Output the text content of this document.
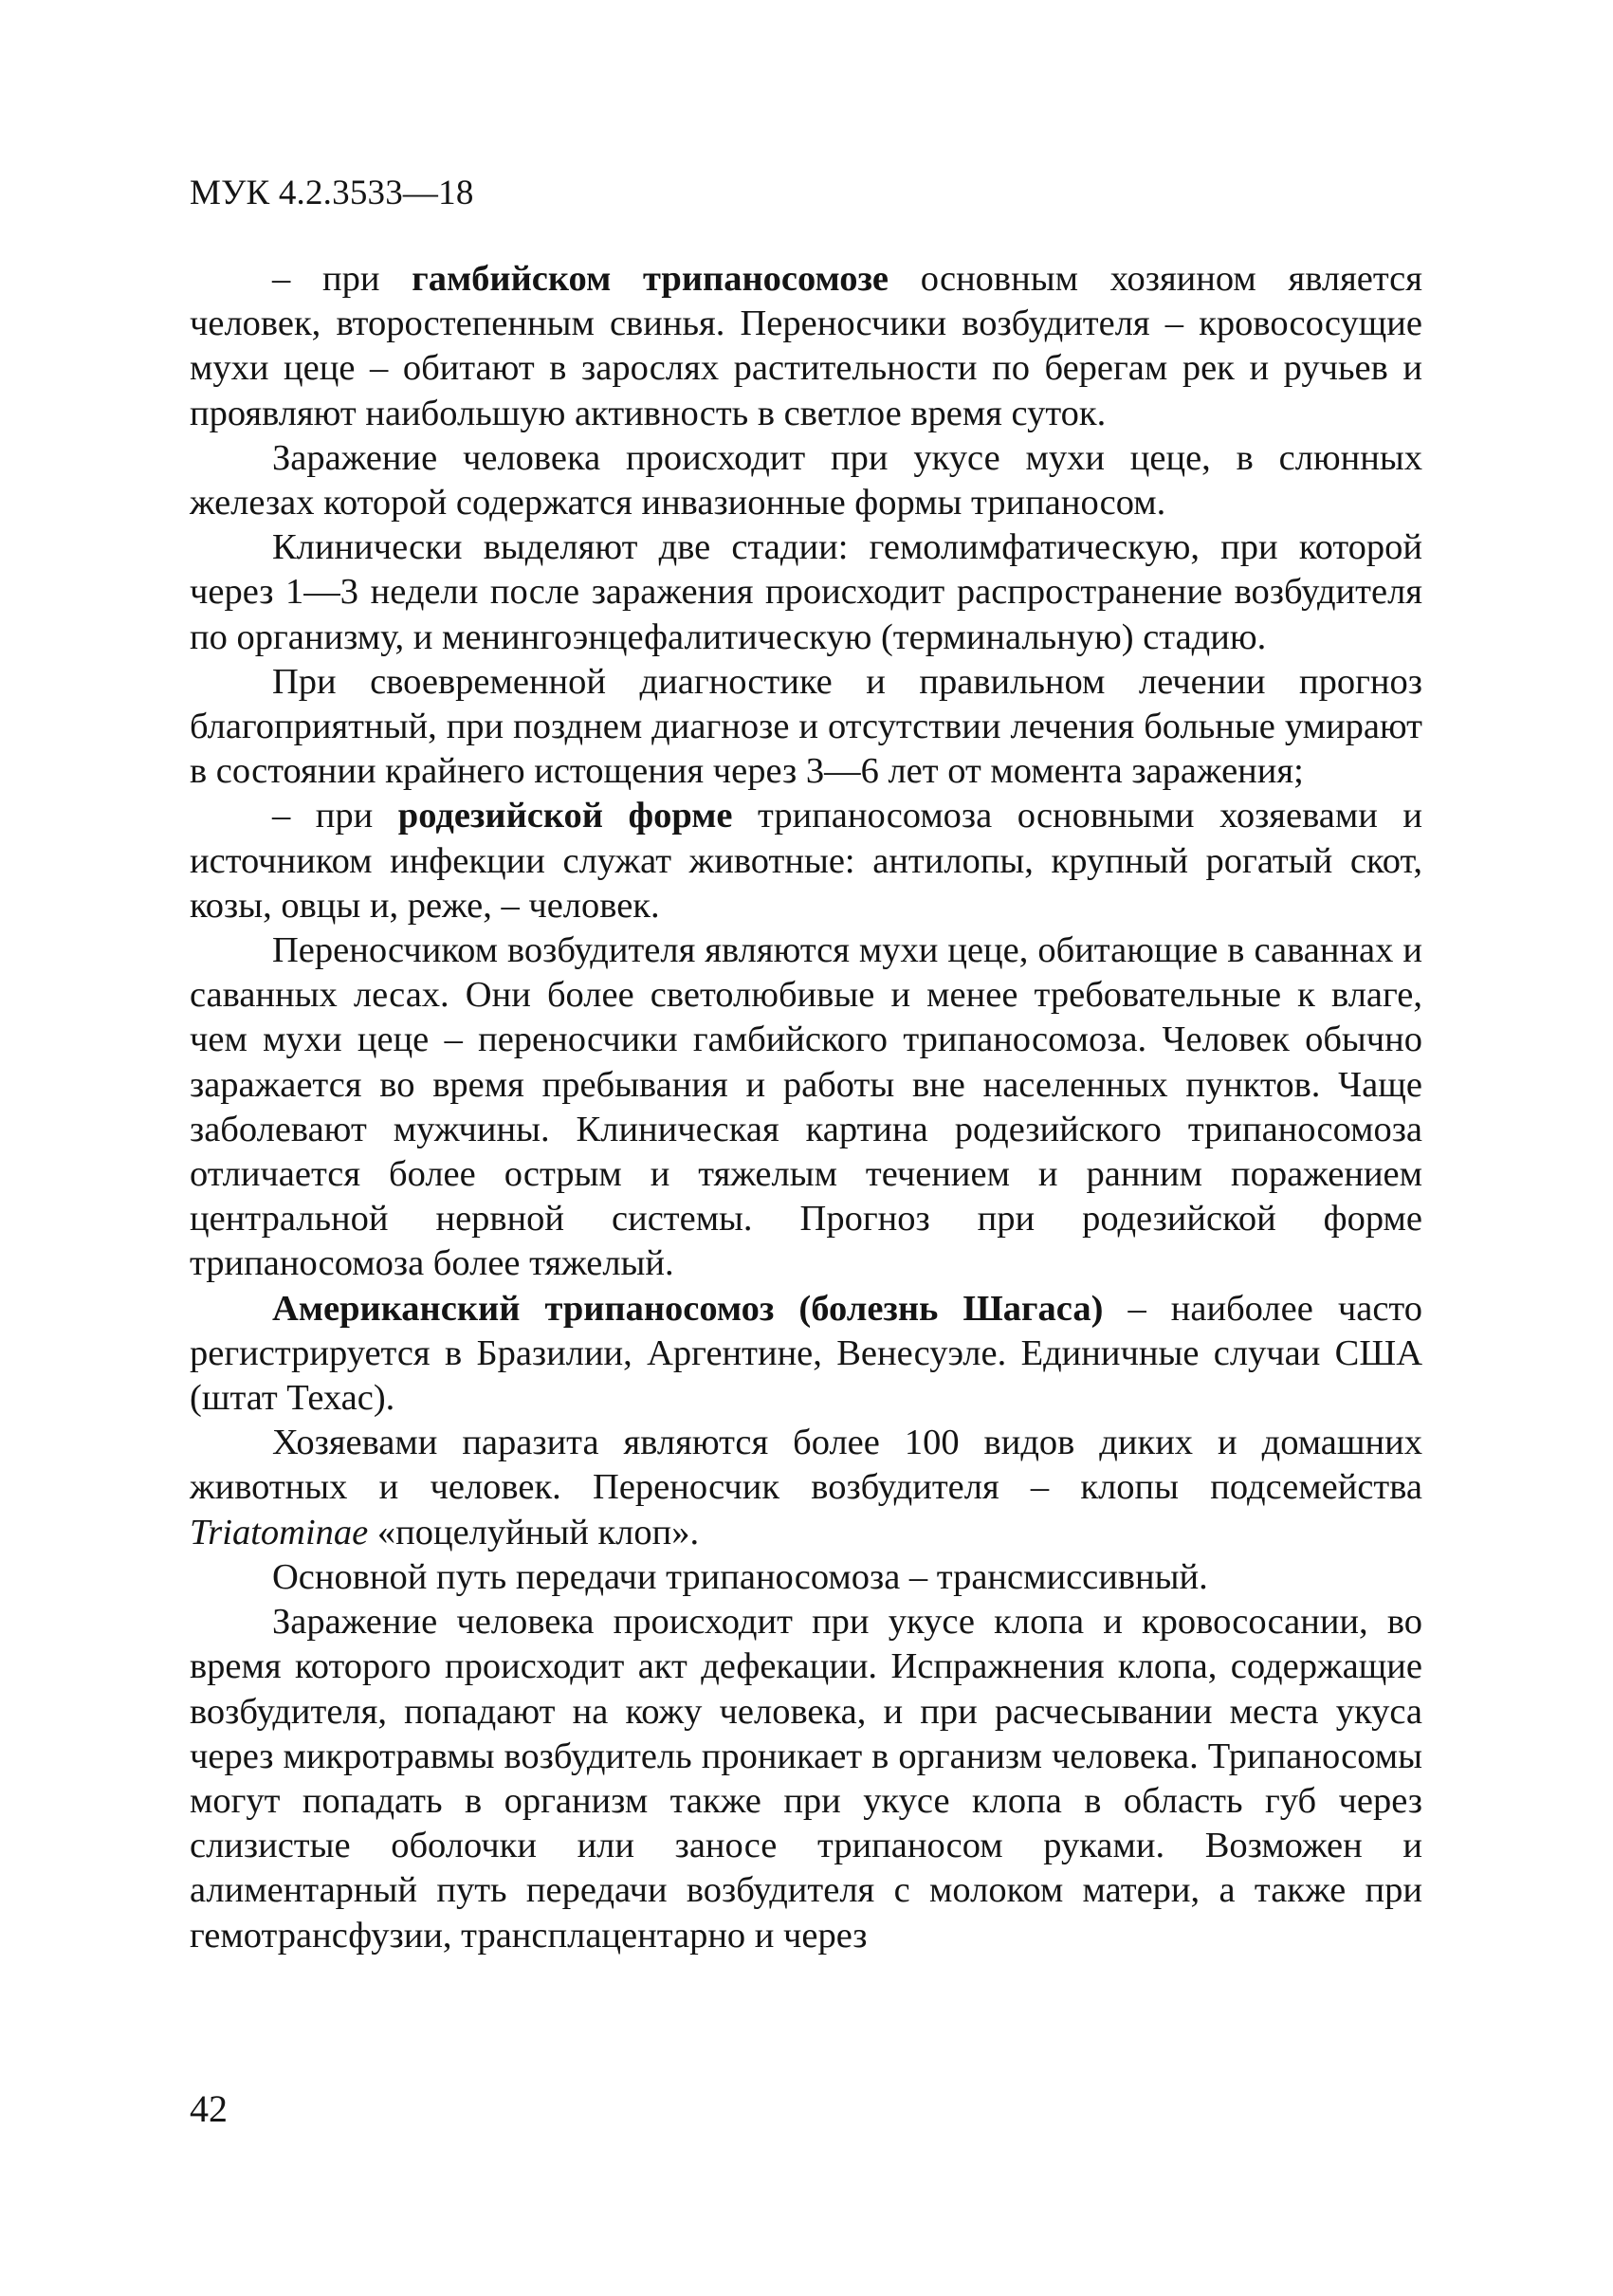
МУК 4.2.3533—18

– при гамбийском трипаносомозе основным хозяином является человек, второстепенным свинья. Переносчики возбудителя – кровососущие мухи цеце – обитают в зарослях растительности по берегам рек и ручьев и проявляют наибольшую активность в светлое время суток.

Заражение человека происходит при укусе мухи цеце, в слюнных железах которой содержатся инвазионные формы трипаносом.

Клинически выделяют две стадии: гемолимфатическую, при которой через 1—3 недели после заражения происходит распространение возбудителя по организму, и менингоэнцефалитическую (терминальную) стадию.

При своевременной диагностике и правильном лечении прогноз благоприятный, при позднем диагнозе и отсутствии лечения больные умирают в состоянии крайнего истощения через 3—6 лет от момента заражения;

– при родезийской форме трипаносомоза основными хозяевами и источником инфекции служат животные: антилопы, крупный рогатый скот, козы, овцы и, реже, – человек.

Переносчиком возбудителя являются мухи цеце, обитающие в саваннах и саванных лесах. Они более светолюбивые и менее требовательные к влаге, чем мухи цеце – переносчики гамбийского трипаносомоза. Человек обычно заражается во время пребывания и работы вне населенных пунктов. Чаще заболевают мужчины. Клиническая картина родезийского трипаносомоза отличается более острым и тяжелым течением и ранним поражением центральной нервной системы. Прогноз при родезийской форме трипаносомоза более тяжелый.

Американский трипаносомоз (болезнь Шагаса) – наиболее часто регистрируется в Бразилии, Аргентине, Венесуэле. Единичные случаи США (штат Техас).

Хозяевами паразита являются более 100 видов диких и домашних животных и человек. Переносчик возбудителя – клопы подсемейства Triatominae «поцелуйный клоп».

Основной путь передачи трипаносомоза – трансмиссивный.

Заражение человека происходит при укусе клопа и кровососании, во время которого происходит акт дефекации. Испражнения клопа, содержащие возбудителя, попадают на кожу человека, и при расчесывании места укуса через микротравмы возбудитель проникает в организм человека. Трипаносомы могут попадать в организм также при укусе клопа в область губ через слизистые оболочки или заносе трипаносом руками. Возможен и алиментарный путь передачи возбудителя с молоком матери, а также при гемотрансфузии, трансплацентарно и через

42
